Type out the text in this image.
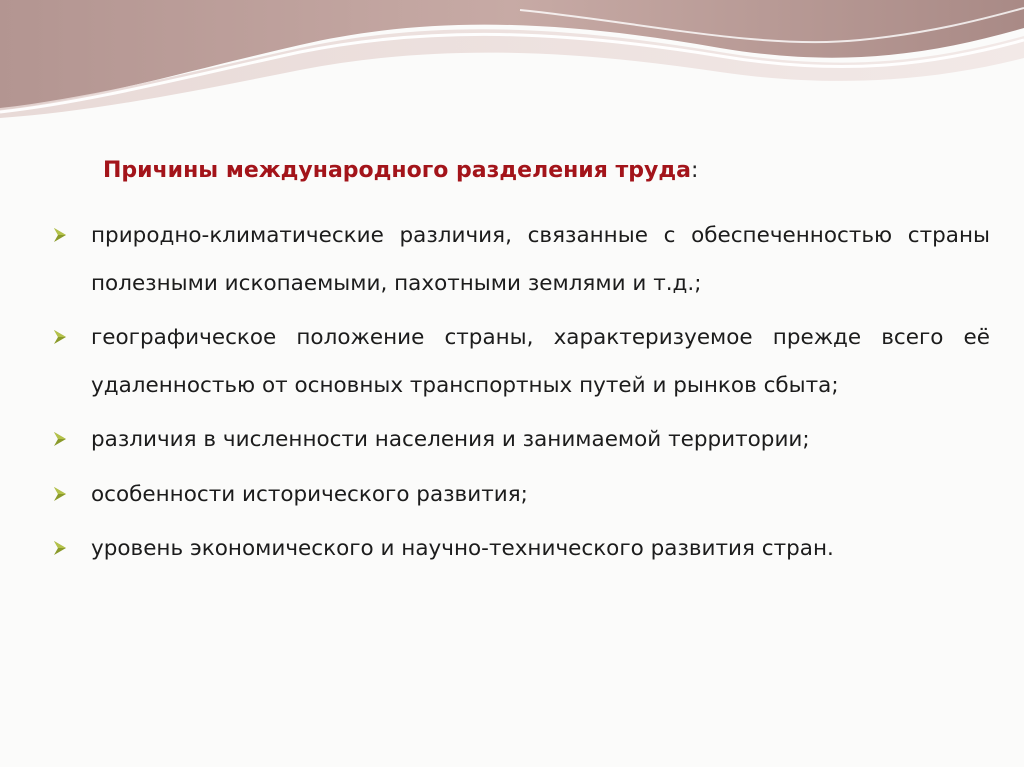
Причины международного разделения труда:
природно-климатические различия, связанные с обеспеченностью страны полезными ископаемыми, пахотными землями и т.д.;
географическое положение страны, характеризуемое прежде всего её удаленностью от основных транспортных путей и рынков сбыта;
различия в численности населения и занимаемой территории;
особенности исторического развития;
уровень экономического и научно-технического развития стран.
